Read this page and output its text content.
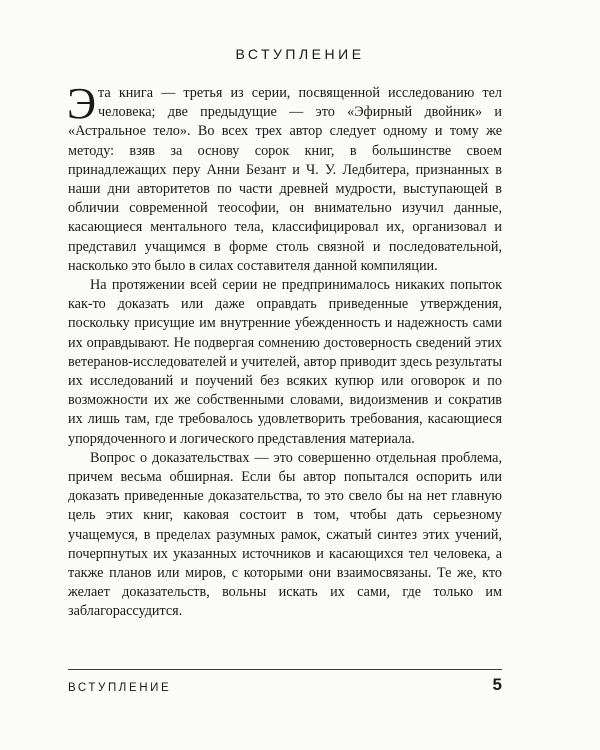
ВСТУПЛЕНИЕ

Эта книга — третья из серии, посвященной исследованию тел человека; две предыдущие — это «Эфирный двойник» и «Астральное тело». Во всех трех автор следует одному и тому же методу: взяв за основу сорок книг, в большинстве своем принадлежащих перу Анни Безант и Ч. У. Ледбитера, признанных в наши дни авторитетов по части древней мудрости, выступающей в обличии современной теософии, он внимательно изучил данные, касающиеся ментального тела, классифицировал их, организовал и представил учащимся в форме столь связной и последовательной, насколько это было в силах составителя данной компиляции.

На протяжении всей серии не предпринималось никаких попыток как-то доказать или даже оправдать приведенные утверждения, поскольку присущие им внутренние убежденность и надежность сами их оправдывают. Не подвергая сомнению достоверность сведений этих ветеранов-исследователей и учителей, автор приводит здесь результаты их исследований и поучений без всяких купюр или оговорок и по возможности их же собственными словами, видоизменив и сократив их лишь там, где требовалось удовлетворить требования, касающиеся упорядоченного и логического представления материала.

Вопрос о доказательствах — это совершенно отдельная проблема, причем весьма обширная. Если бы автор попытался оспорить или доказать приведенные доказательства, то это свело бы на нет главную цель этих книг, каковая состоит в том, чтобы дать серьезному учащемуся, в пределах разумных рамок, сжатый синтез этих учений, почерпнутых их указанных источников и касающихся тел человека, а также планов или миров, с которыми они взаимосвязаны. Те же, кто желает доказательств, вольны искать их сами, где только им заблагорассудится.

ВСТУПЛЕНИЕ	5
